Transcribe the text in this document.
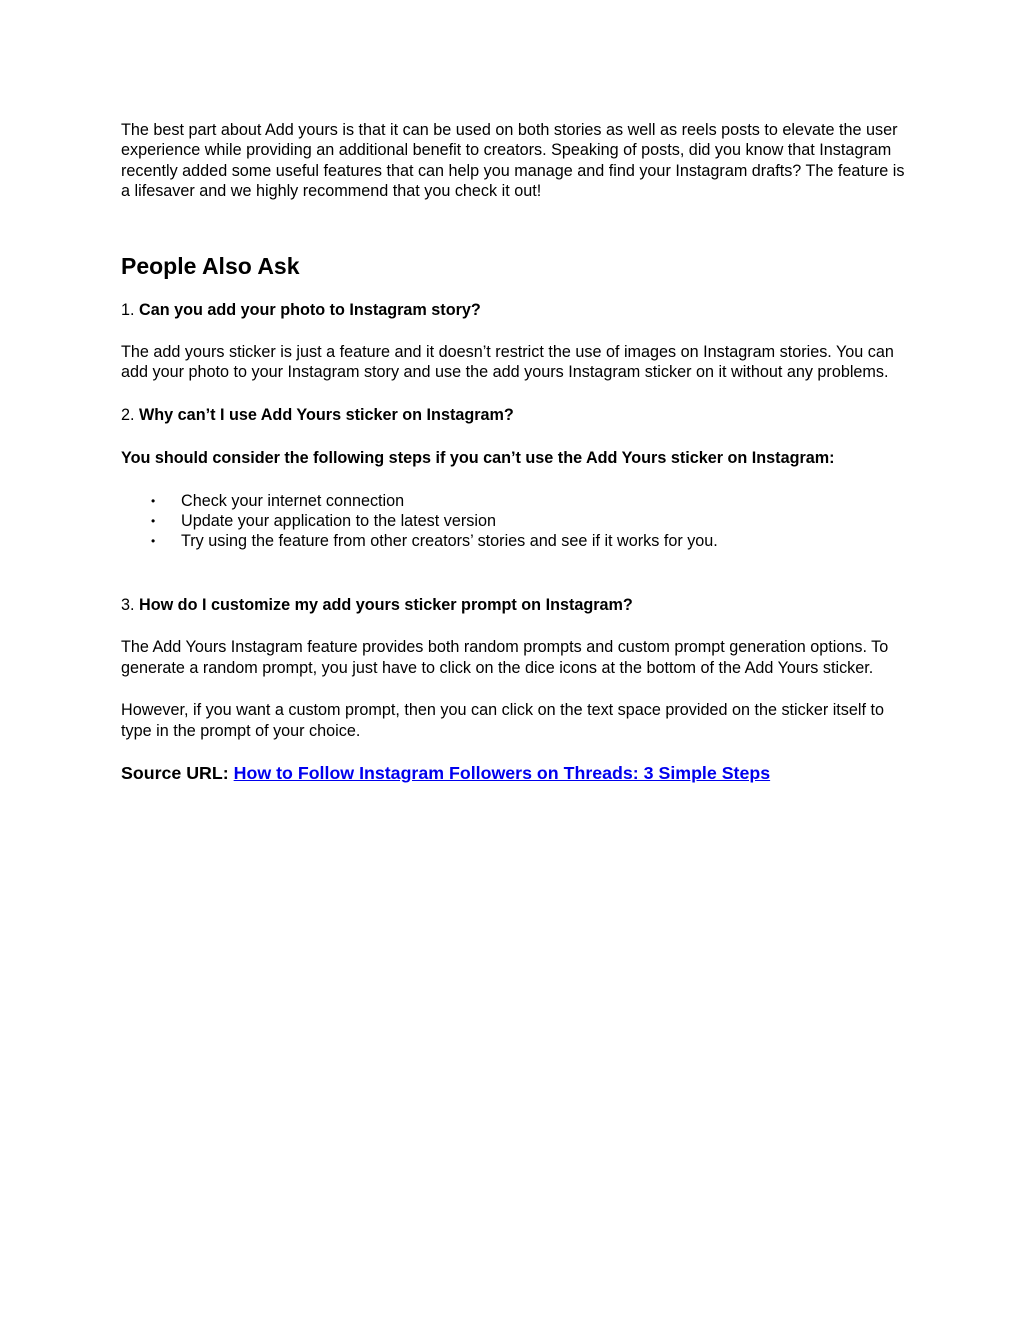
The best part about Add yours is that it can be used on both stories as well as reels posts to elevate the user experience while providing an additional benefit to creators. Speaking of posts, did you know that Instagram recently added some useful features that can help you manage and find your Instagram drafts? The feature is a lifesaver and we highly recommend that you check it out!

People Also Ask

1. Can you add your photo to Instagram story?

The add yours sticker is just a feature and it doesn’t restrict the use of images on Instagram stories. You can add your photo to your Instagram story and use the add yours Instagram sticker on it without any problems.

2. Why can’t I use Add Yours sticker on Instagram?

You should consider the following steps if you can’t use the Add Yours sticker on Instagram:

• Check your internet connection
• Update your application to the latest version
• Try using the feature from other creators’ stories and see if it works for you.

3. How do I customize my add yours sticker prompt on Instagram?

The Add Yours Instagram feature provides both random prompts and custom prompt generation options. To generate a random prompt, you just have to click on the dice icons at the bottom of the Add Yours sticker.

However, if you want a custom prompt, then you can click on the text space provided on the sticker itself to type in the prompt of your choice.

Source URL: How to Follow Instagram Followers on Threads: 3 Simple Steps
